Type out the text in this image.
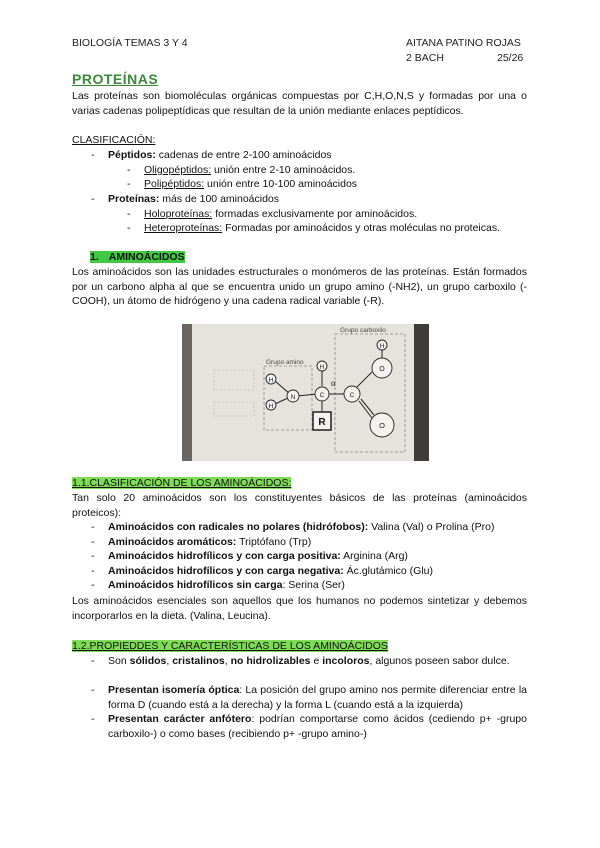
BIOLOGÍA TEMAS 3 Y 4	AITANA PATINO ROJAS
2 BACH	25/26
PROTEÍNAS
Las proteínas son biomoléculas orgánicas compuestas por C,H,O,N,S y formadas por una o varias cadenas polipeptídicas que resultan de la unión mediante enlaces peptídicos.
CLASIFICACIÓN:
- Péptidos: cadenas de entre 2-100 aminoácidos
- Oligopéptidos: unión entre 2-10 aminoácidos.
- Polipéptidos: unión entre 10-100 aminoácidos
- Proteínas: más de 100 aminoácidos
- Holoproteínas: formadas exclusivamente por aminoácidos.
- Heteroproteínas: Formadas por aminoácidos y otras moléculas no proteicas.
1. AMINOÁCIDOS
Los aminoácidos son las unidades estructurales o monómeros de las proteínas. Están formados por un carbono alpha al que se encuentra unido un grupo amino (-NH2), un grupo carboxilo (-COOH), un átomo de hidrógeno y una cadena radical variable (-R).
Grupo amino
Grupo carboxilo
H
H
N	C
α
H
R
C
O
H
O
1.1.CLASIFICACIÓN DE LOS AMINOÁCIDOS:
Tan solo 20 aminoácidos son los constituyentes básicos de las proteínas (aminoácidos proteicos):
- Aminoácidos con radicales no polares (hidrófobos): Valina (Val) o Prolina (Pro)
- Aminoácidos aromáticos: Triptófano (Trp)
- Aminoácidos hidrofílicos y con carga positiva: Arginina (Arg)
- Aminoácidos hidrofílicos y con carga negativa: Ác.glutámico (Glu)
- Aminoácidos hidrofílicos sin carga: Serina (Ser)
Los aminoácidos esenciales son aquellos que los humanos no podemos sintetizar y debemos incorporarlos en la dieta. (Valina, Leucina).
1.2.PROPIEDDES Y CARACTERÍSTICAS DE LOS AMINOÁCIDOS
- Son sólidos, cristalinos, no hidrolizables e incoloros, algunos poseen sabor dulce.
- Presentan isomería óptica: La posición del grupo amino nos permite diferenciar entre la forma D (cuando está a la derecha) y la forma L (cuando está a la izquierda)
- Presentan carácter anfótero: podrían comportarse como ácidos (cediendo p+ -grupo carboxilo-) o como bases (recibiendo p+ -grupo amino-)
